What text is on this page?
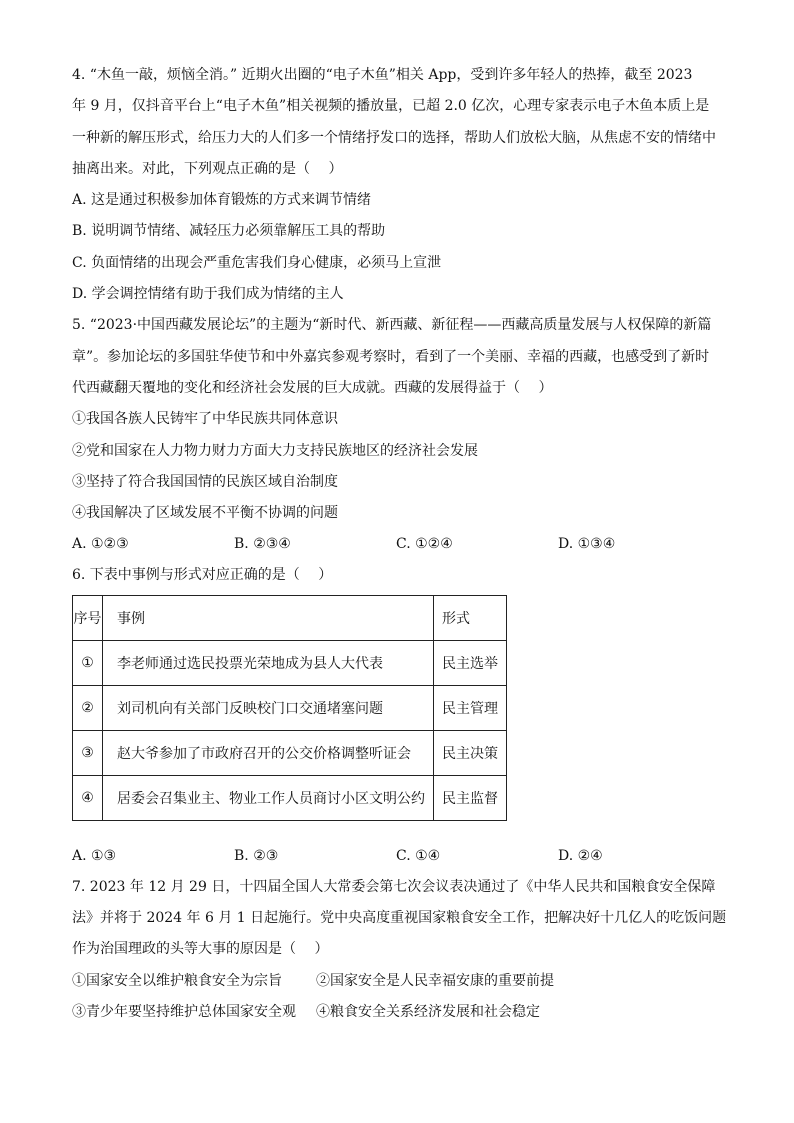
4. “木鱼一敲，烦恼全消。” 近期火出圈的“电子木鱼”相关 App，受到许多年轻人的热捧，截至 2023

年 9 月，仅抖音平台上“电子木鱼”相关视频的播放量，已超 2.0 亿次，心理专家表示电子木鱼本质上是

一种新的解压形式，给压力大的人们多一个情绪抒发口的选择，帮助人们放松大脑，从焦虑不安的情绪中

抽离出来。对此，下列观点正确的是（　 ）

A. 这是通过积极参加体育锻炼的方式来调节情绪

B. 说明调节情绪、减轻压力必须靠解压工具的帮助

C. 负面情绪的出现会严重危害我们身心健康，必须马上宣泄

D. 学会调控情绪有助于我们成为情绪的主人

5. “2023·中国西藏发展论坛”的主题为“新时代、新西藏、新征程——西藏高质量发展与人权保障的新篇

章”。参加论坛的多国驻华使节和中外嘉宾参观考察时，看到了一个美丽、幸福的西藏，也感受到了新时

代西藏翻天覆地的变化和经济社会发展的巨大成就。西藏的发展得益于（　 ）

①我国各族人民铸牢了中华民族共同体意识

②党和国家在人力物力财力方面大力支持民族地区的经济社会发展

③坚持了符合我国国情的民族区域自治制度

④我国解决了区域发展不平衡不协调的问题

A. ①②③	B. ②③④	C. ①②④	D. ①③④

6. 下表中事例与形式对应正确的是（　 ）

序号	事例	形式
①	李老师通过选民投票光荣地成为县人大代表	民主选举
②	刘司机向有关部门反映校门口交通堵塞问题	民主管理
③	赵大爷参加了市政府召开的公交价格调整听证会	民主决策
④	居委会召集业主、物业工作人员商讨小区文明公约	民主监督
A. ①③	B. ②③	C. ①④	D. ②④

7. 2023 年 12 月 29 日，十四届全国人大常委会第七次会议表决通过了《中华人民共和国粮食安全保障

法》并将于 2024 年 6 月 1 日起施行。党中央高度重视国家粮食安全工作，把解决好十几亿人的吃饭问题

作为治国理政的头等大事的原因是（　 ）

①国家安全以维护粮食安全为宗旨	②国家安全是人民幸福安康的重要前提
③青少年要坚持维护总体国家安全观	④粮食安全关系经济发展和社会稳定
